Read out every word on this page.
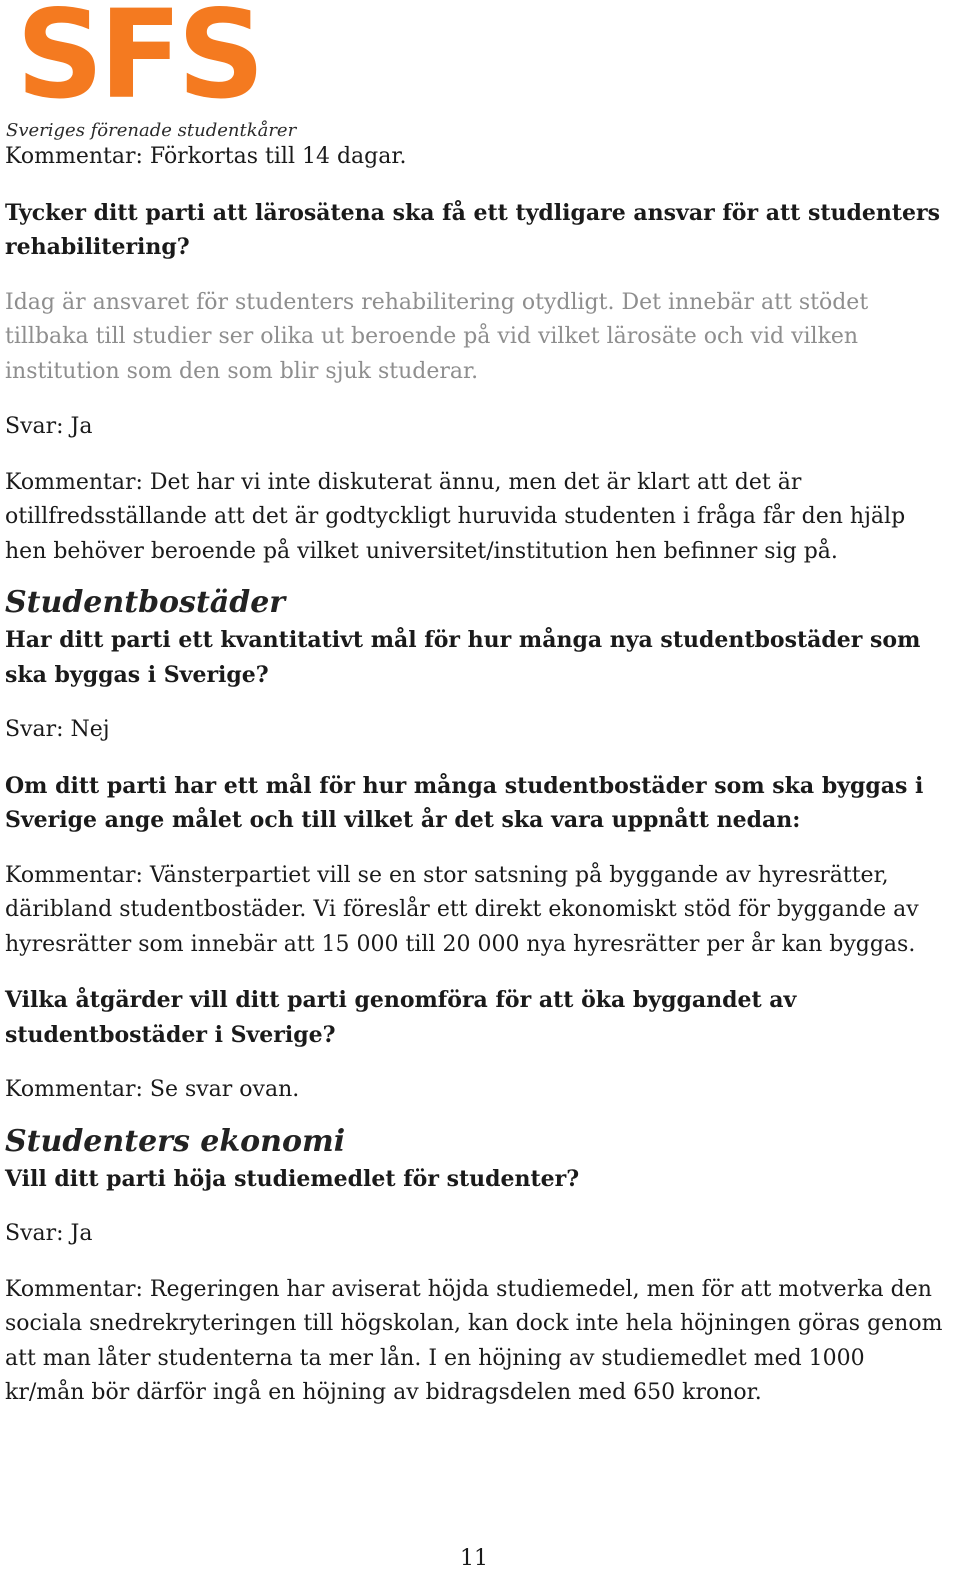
SFS
Sveriges förenade studentkårer

Kommentar: Förkortas till 14 dagar.

Tycker ditt parti att lärosätena ska få ett tydligare ansvar för att studenters rehabilitering?

Idag är ansvaret för studenters rehabilitering otydligt. Det innebär att stödet tillbaka till studier ser olika ut beroende på vid vilket lärosäte och vid vilken institution som den som blir sjuk studerar.

Svar: Ja

Kommentar: Det har vi inte diskuterat ännu, men det är klart att det är otillfredsställande att det är godtyckligt huruvida studenten i fråga får den hjälp hen behöver beroende på vilket universitet/institution hen befinner sig på.

Studentbostäder

Har ditt parti ett kvantitativt mål för hur många nya studentbostäder som ska byggas i Sverige?

Svar: Nej

Om ditt parti har ett mål för hur många studentbostäder som ska byggas i Sverige ange målet och till vilket år det ska vara uppnått nedan:

Kommentar: Vänsterpartiet vill se en stor satsning på byggande av hyresrätter, däribland studentbostäder. Vi föreslår ett direkt ekonomiskt stöd för byggande av hyresrätter som innebär att 15 000 till 20 000 nya hyresrätter per år kan byggas.

Vilka åtgärder vill ditt parti genomföra för att öka byggandet av studentbostäder i Sverige?

Kommentar: Se svar ovan.

Studenters ekonomi

Vill ditt parti höja studiemedlet för studenter?

Svar: Ja

Kommentar: Regeringen har aviserat höjda studiemedel, men för att motverka den sociala snedrekryteringen till högskolan, kan dock inte hela höjningen göras genom att man låter studenterna ta mer lån. I en höjning av studiemedlet med 1000 kr/mån bör därför ingå en höjning av bidragsdelen med 650 kronor.

11
